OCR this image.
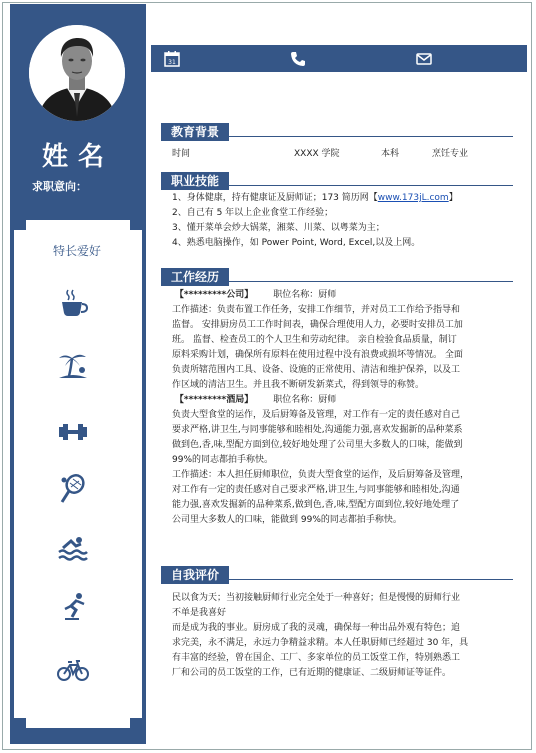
姓名
求职意向：
特长爱好
31
教育背景
时间	XXXX 学院	本科	烹饪专业
职业技能

1、身体健康，持有健康证及厨师证；173 简历网【www.173jL.com】

2、自己有 5 年以上企业食堂工作经验；

3、懂开菜单会炒大锅菜，湘菜、川菜、以粤菜为主；

4、熟悉电脑操作，如 Power Point, Word, Excel,以及上网。

工作经历

【*********公司】 职位名称：厨师

工作描述：负责布置工作任务，安排工作细节，并对员工工作给予指导和

监督。 安排厨房员工工作时间表，确保合理使用人力，必要时安排员工加

班。 监督、检查员工的个人卫生和劳动纪律。 亲自检验食品质量，制订

原料采购计划，确保所有原料在使用过程中没有浪费或损坏等情况。 全面

负责所辖范围内工具、设备、设施的正常使用、清洁和维护保养，以及工

作区域的清洁卫生。并且我不断研发新菜式，得到领导的称赞。

【*********酒局】 职位名称：厨师

负责大型食堂的运作，及后厨筹备及管理，对工作有一定的责任感对自己

要求严格,讲卫生,与同事能够和睦相处,沟通能力强,喜欢发掘新的品种菜系

做到色,香,味,型配方面到位,较好地处理了公司里大多数人的口味，能做到

99%的同志都拍手称快。

工作描述：本人担任厨师职位，负责大型食堂的运作，及后厨筹备及管理，

对工作有一定的责任感对自己要求严格,讲卫生,与同事能够和睦相处,沟通

能力强,喜欢发掘新的品种菜系,做到色,香,味,型配方面到位,较好地处理了

公司里大多数人的口味，能做到 99%的同志都拍手称快。

自我评价

民以食为天；当初接触厨师行业完全处于一种喜好；但是慢慢的厨师行业

不单是我喜好

而是成为我的事业。厨房成了我的灵魂，确保每一种出品外观有特色；追

求完美，永不满足，永远力争精益求精。本人任职厨师已经超过 30 年，具

有丰富的经验，曾在国企、工厂、多家单位的员工饭堂工作，特别熟悉工

厂和公司的员工饭堂的工作，已有近期的健康证、二级厨师证等证件。
